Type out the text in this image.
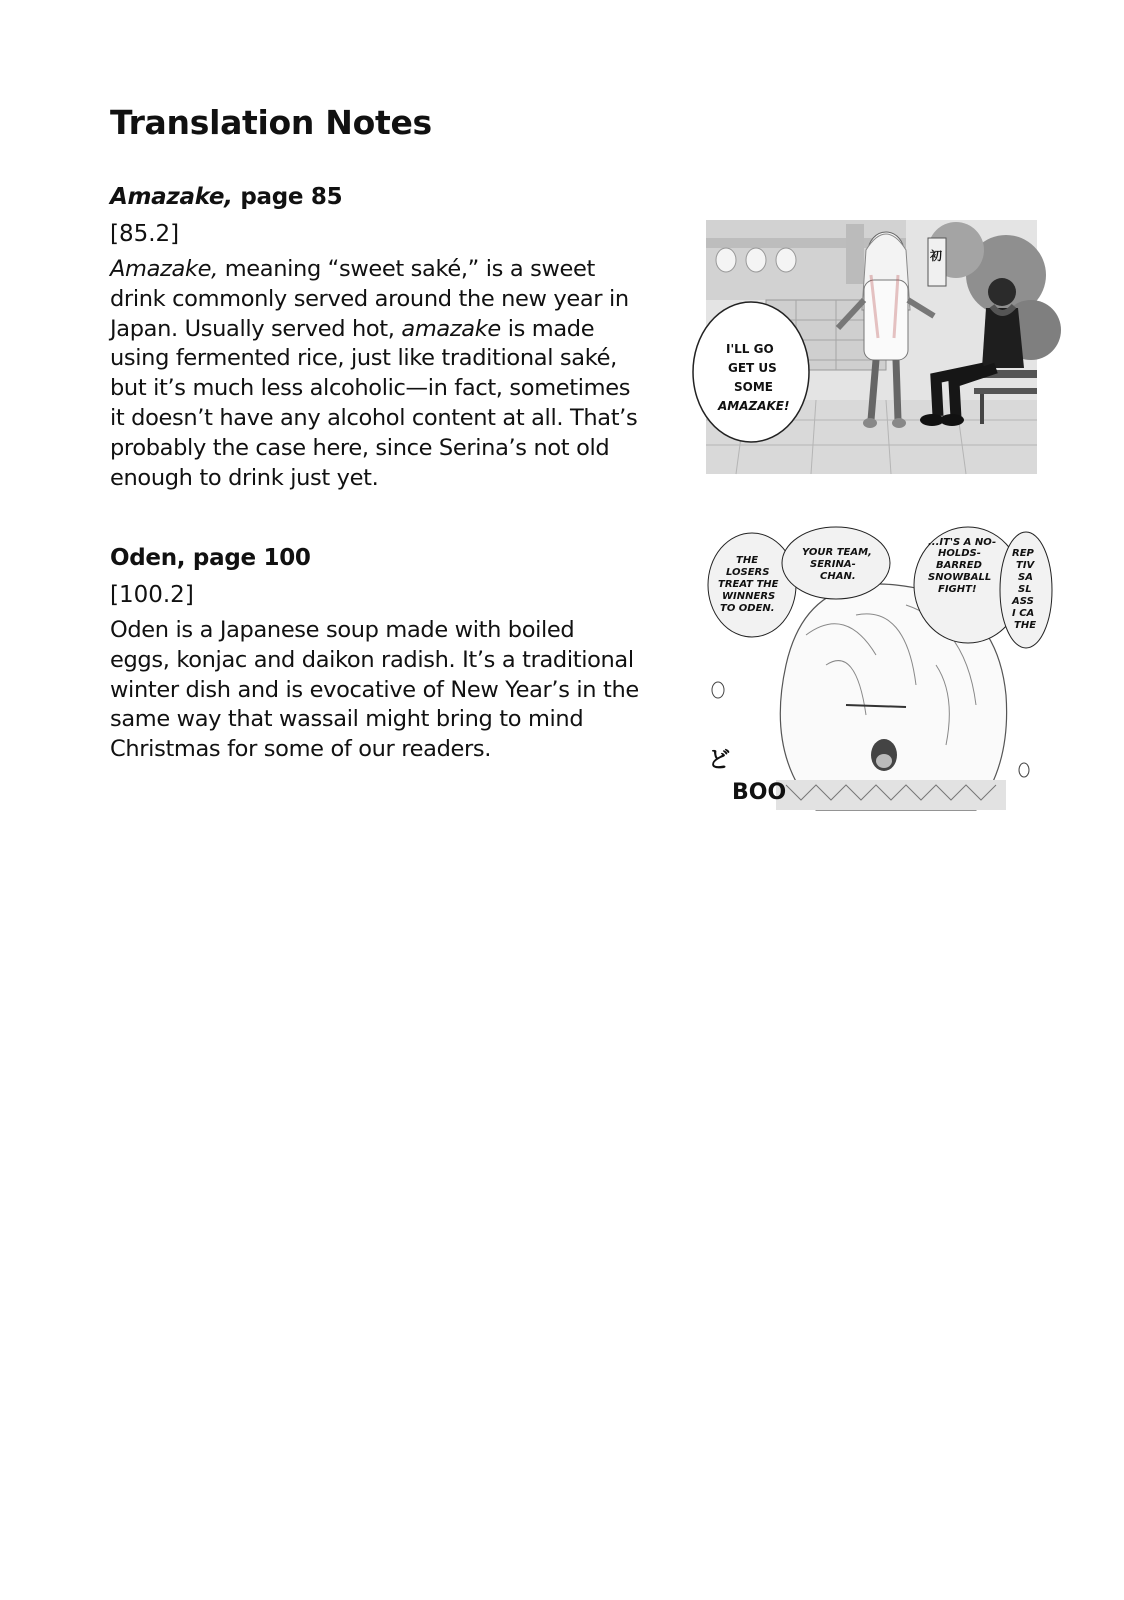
Translation Notes
Amazake, page 85

[85.2]

Amazake, meaning “sweet saké,” is a sweet drink commonly served around the new year in Japan. Usually served hot, amazake is made using fermented rice, just like traditional saké, but it’s much less alcoholic—in fact, sometimes it doesn’t have any alcohol content at all. That’s probably the case here, since Serina’s not old enough to drink just yet.

Oden, page 100

[100.2]

Oden is a Japanese soup made with boiled eggs, konjac and daikon radish. It’s a traditional winter dish and is evocative of New Year’s in the same way that wassail might bring to mind Christmas for some of our readers.

初
I'LL GO
GET US
SOME
AMAZAKE!
THE
LOSERS
TREAT THE
WINNERS
TO ODEN.
YOUR TEAM,
SERINA-
CHAN.
...IT'S A NO-
HOLDS-
BARRED
SNOWBALL
FIGHT!
REP
TIV
SA
SL
ASS
I CA
THE
ど
BOO
